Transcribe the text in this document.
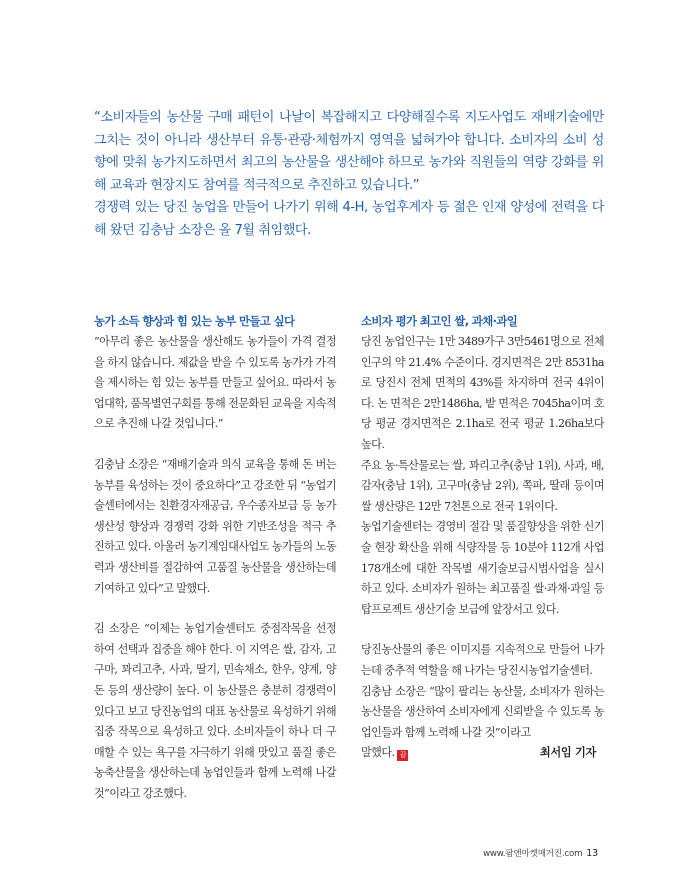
“소비자들의 농산물 구매 패턴이 나날이 복잡해지고 다양해질수록 지도사업도 재배기술에만 그치는 것이 아니라 생산부터 유통·관광·체험까지 영역을 넓혀가야 합니다. 소비자의 소비 성향에 맞춰 농가지도하면서 최고의 농산물을 생산해야 하므로 농가와 직원들의 역량 강화를 위해 교육과 현장지도 참여를 적극적으로 추진하고 있습니다.”

경쟁력 있는 당진 농업을 만들어 나가기 위해 4-H, 농업후계자 등 젊은 인재 양성에 전력을 다해 왔던 김충남 소장은 올 7월 취임했다.

농가 소득 향상과 힘 있는 농부 만들고 싶다

“아무리 좋은 농산물을 생산해도 농가들이 가격 결정을 하지 않습니다. 제값을 받을 수 있도록 농가가 가격을 제시하는 힘 있는 농부를 만들고 싶어요. 따라서 농업대학, 품목별연구회를 통해 전문화된 교육을 지속적으로 추진해 나갈 것입니다.”

김충남 소장은 “재배기술과 의식 교육을 통해 돈 버는 농부를 육성하는 것이 중요하다”고 강조한 뒤 “농업기술센터에서는 친환경자재공급, 우수종자보급 등 농가 생산성 향상과 경쟁력 강화 위한 기반조성을 적극 추진하고 있다. 아울러 농기계임대사업도 농가들의 노동력과 생산비를 절감하여 고품질 농산물을 생산하는데 기여하고 있다”고 말했다.

김 소장은 “이제는 농업기술센터도 중점작목을 선정하여 선택과 집중을 해야 한다. 이 지역은 쌀, 감자, 고구마, 꽈리고추, 사과, 딸기, 민속채소, 한우, 양계, 양돈 등의 생산량이 높다. 이 농산물은 충분히 경쟁력이 있다고 보고 당진농업의 대표 농산물로 육성하기 위해 집중 작목으로 육성하고 있다. 소비자들이 하나 더 구매할 수 있는 욕구를 자극하기 위해 맛있고 품질 좋은 농축산물을 생산하는데 농업인들과 함께 노력해 나갈 것”이라고 강조했다.

소비자 평가 최고인 쌀, 과채·과일

당진 농업인구는 1만 3489가구 3만5461명으로 전체 인구의 약 21.4% 수준이다. 경지면적은 2만 8531ha로 당진시 전체 면적의 43%를 차지하며 전국 4위이다. 논 면적은 2만1486ha, 밭 면적은 7045ha이며 호당 평균 경지면적은 2.1ha로 전국 평균 1.26ha보다 높다.

주요 농·특산물로는 쌀, 꽈리고추(충남 1위), 사과, 배, 감자(충남 1위), 고구마(충남 2위), 쪽파, 딸래 등이며 쌀 생산량은 12만 7천톤으로 전국 1위이다.

농업기술센터는 경영비 절감 및 품질향상을 위한 신기술 현장 확산을 위해 식량작물 등 10분야 112개 사업 178개소에 대한 작목별 새기술보급시범사업을 실시하고 있다. 소비자가 원하는 최고품질 쌀·과채·과일 등 탑프로젝트 생산기술 보급에 앞장서고 있다.

당진농산물의 좋은 이미지를 지속적으로 만들어 나가는데 중추적 역할을 해 나가는 당진시농업기술센터.

김충남 소장은 “많이 팔리는 농산물, 소비자가 원하는 농산물을 생산하여 소비자에게 신뢰받을 수 있도록 농업인들과 함께 노력해 나갈 것”이라고

말했다. 끝	최서임 기자

www.팜앤마켓매거진.com 13
